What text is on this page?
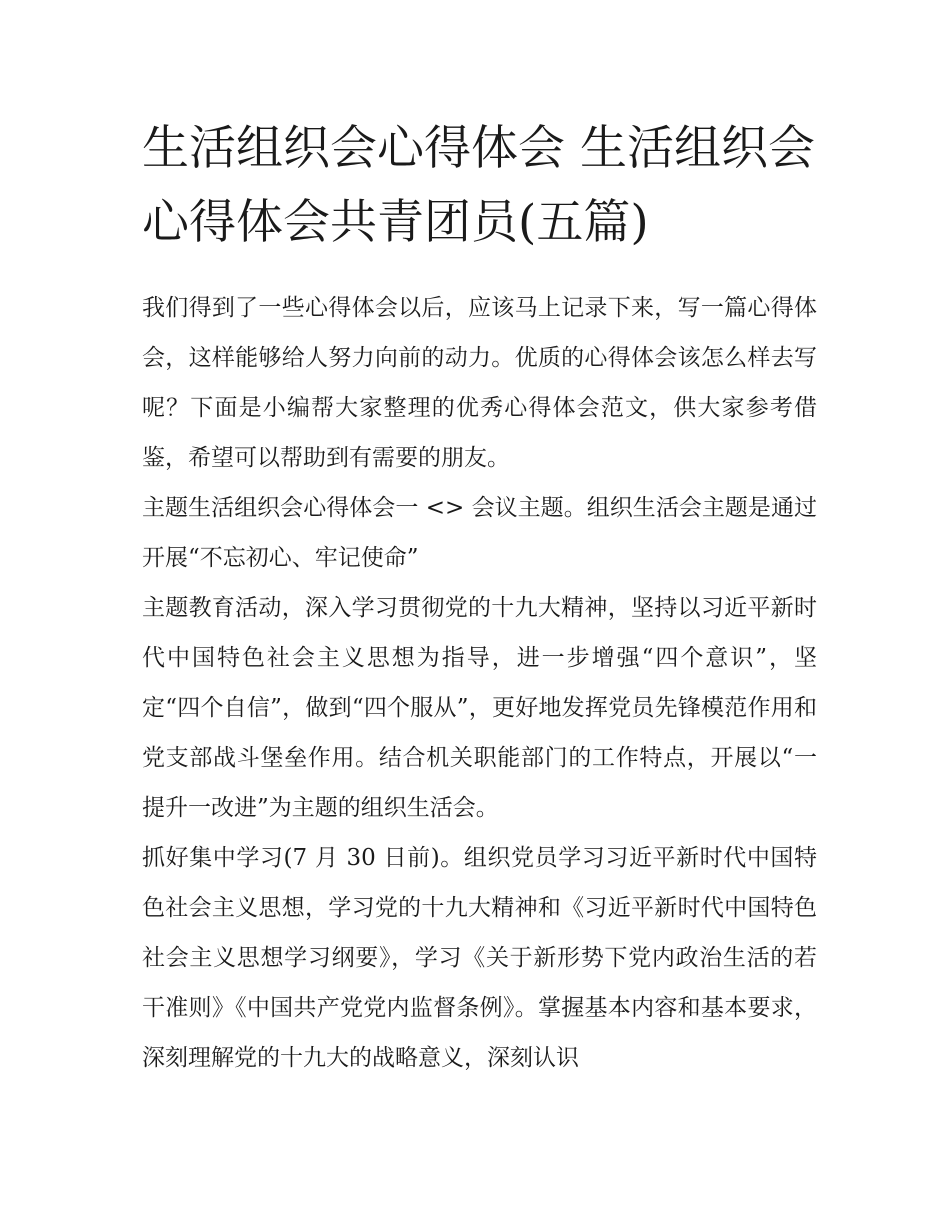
生活组织会心得体会 生活组织会心得体会共青团员(五篇)

我们得到了一些心得体会以后，应该马上记录下来，写一篇心得体会，这样能够给人努力向前的动力。优质的心得体会该怎么样去写呢？下面是小编帮大家整理的优秀心得体会范文，供大家参考借鉴，希望可以帮助到有需要的朋友。

主题生活组织会心得体会一 <> 会议主题。组织生活会主题是通过开展“不忘初心、牢记使命”

主题教育活动，深入学习贯彻党的十九大精神，坚持以习近平新时代中国特色社会主义思想为指导，进一步增强“四个意识”，坚定“四个自信”，做到“四个服从”，更好地发挥党员先锋模范作用和党支部战斗堡垒作用。结合机关职能部门的工作特点，开展以“一提升一改进”为主题的组织生活会。

抓好集中学习(7 月 30 日前)。组织党员学习习近平新时代中国特色社会主义思想，学习党的十九大精神和《习近平新时代中国特色社会主义思想学习纲要》，学习《关于新形势下党内政治生活的若干准则》《中国共产党党内监督条例》。掌握基本内容和基本要求，深刻理解党的十九大的战略意义，深刻认识
